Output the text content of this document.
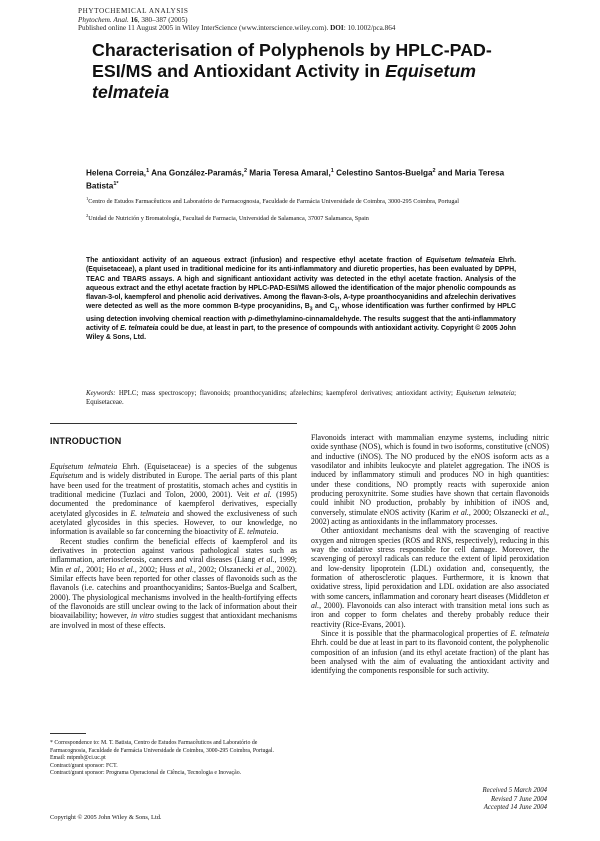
PHYTOCHEMICAL ANALYSIS
Phytochem. Anal. 16, 380–387 (2005)
Published online 11 August 2005 in Wiley InterScience (www.interscience.wiley.com). DOI: 10.1002/pca.864
Characterisation of Polyphenols by HPLC-PAD-ESI/MS and Antioxidant Activity in Equisetum telmateia
Helena Correia,$^1$ Ana González-Paramás,$^2$ Maria Teresa Amaral,$^1$ Celestino Santos-Buelga$^2$ and Maria Teresa Batista$^{1*}$
$^1$Centro de Estudos Farmacêuticos and Laboratório de Farmacognosia, Faculdade de Farmácia Universidade de Coimbra, 3000-295 Coimbra, Portugal
$^2$Unidad de Nutrición y Bromatología, Facultad de Farmacia, Universidad de Salamanca, 37007 Salamanca, Spain

The antioxidant activity of an aqueous extract (infusion) and respective ethyl acetate fraction of Equisetum telmateia Ehrh. (Equisetaceae), a plant used in traditional medicine for its anti-inflammatory and diuretic properties, has been evaluated by DPPH, TEAC and TBARS assays. A high and significant antioxidant activity was detected in the ethyl acetate fraction. Analysis of the aqueous extract and the ethyl acetate fraction by HPLC-PAD-ESI/MS allowed the identification of the major phenolic compounds as flavan-3-ol, kaempferol and phenolic acid derivatives. Among the flavan-3-ols, A-type proanthocyanidins and afzelechin derivatives were detected as well as the more common B-type procyanidins, $B_3$ and $C_1$, whose identification was further confirmed by HPLC using detection involving chemical reaction with p-dimethylamino-cinnamaldehyde. The results suggest that the anti-inflammatory activity of E. telmateia could be due, at least in part, to the presence of compounds with antioxidant activity. Copyright © 2005 John Wiley & Sons, Ltd.

Keywords: HPLC; mass spectroscopy; flavonoids; proanthocyanidins; afzelechins; kaempferol derivatives; antioxidant activity; Equisetum telmateia; Equisetaceae.
INTRODUCTION

Equisetum telmateia Ehrh. (Equisetaceae) is a species of the subgenus Equisetum and is widely distributed in Europe. The aerial parts of this plant have been used for the treatment of prostatitis, stomach aches and cystitis in traditional medicine (Tuzlaci and Tolon, 2000, 2001). Veit et al. (1995) documented the predominance of kaempferol derivatives, especially acetylated glycosides in E. telmateia and showed the exclusiveness of such acetylated glycosides in this species. However, to our knowledge, no information is available so far concerning the bioactivity of E. telmateia.

Recent studies confirm the beneficial effects of kaempferol and its derivatives in protection against various pathological states such as inflammation, arteriosclerosis, cancers and viral diseases (Liang et al., 1999; Min et al., 2001; Ho et al., 2002; Huss et al., 2002; Olszanecki et al., 2002). Similar effects have been reported for other classes of flavonoids such as the flavanols (i.e. catechins and proanthocyanidins; Santos-Buelga and Scalbert, 2000). The physiological mechanisms involved in the health-fortifying effects of the flavonoids are still unclear owing to the lack of information about their bioavailability; however, in vitro studies suggest that antioxidant mechanisms are involved in most of these effects.

Flavonoids interact with mammalian enzyme systems, including nitric oxide synthase (NOS), which is found in two isoforms, constitutive (cNOS) and inductive (iNOS). The NO produced by the eNOS isoform acts as a vasodilator and inhibits leukocyte and platelet aggregation. The iNOS is induced by inflammatory stimuli and produces NO in high quantities: under these conditions, NO promptly reacts with superoxide anion producing peroxynitrite. Some studies have shown that certain flavonoids could inhibit NO production, probably by inhibition of iNOS and, conversely, stimulate eNOS activity (Karim et al., 2000; Olszanecki et al., 2002) acting as antioxidants in the inflammatory processes.

Other antioxidant mechanisms deal with the scavenging of reactive oxygen and nitrogen species (ROS and RNS, respectively), reducing in this way the oxidative stress responsible for cell damage. Moreover, the scavenging of peroxyl radicals can reduce the extent of lipid peroxidation and low-density lipoprotein (LDL) oxidation and, consequently, the formation of atherosclerotic plaques. Furthermore, it is known that oxidative stress, lipid peroxidation and LDL oxidation are also associated with some cancers, inflammation and coronary heart diseases (Middleton et al., 2000). Flavonoids can also interact with transition metal ions such as iron and copper to form chelates and thereby probably reduce their reactivity (Rice-Evans, 2001).

Since it is possible that the pharmacological properties of E. telmateia Ehrh. could be due at least in part to its flavonoid content, the polyphenolic composition of an infusion (and its ethyl acetate fraction) of the plant has been analysed with the aim of evaluating the antioxidant activity and identifying the components responsible for such activity.

* Correspondence to: M. T. Batista, Centro de Estudos Farmacêuticos and Laboratório de Farmacognosia, Faculdade de Farmácia Universidade de Coimbra, 3000-295 Coimbra, Portugal.

Email: mtpmb@ci.uc.pt

Contract/grant sponsor: FCT.

Contract/grant sponsor: Programa Operacional de Ciência, Tecnologia e Inovação.

Copyright © 2005 John Wiley & Sons, Ltd.
Received 5 March 2004
Revised 7 June 2004
Accepted 14 June 2004
